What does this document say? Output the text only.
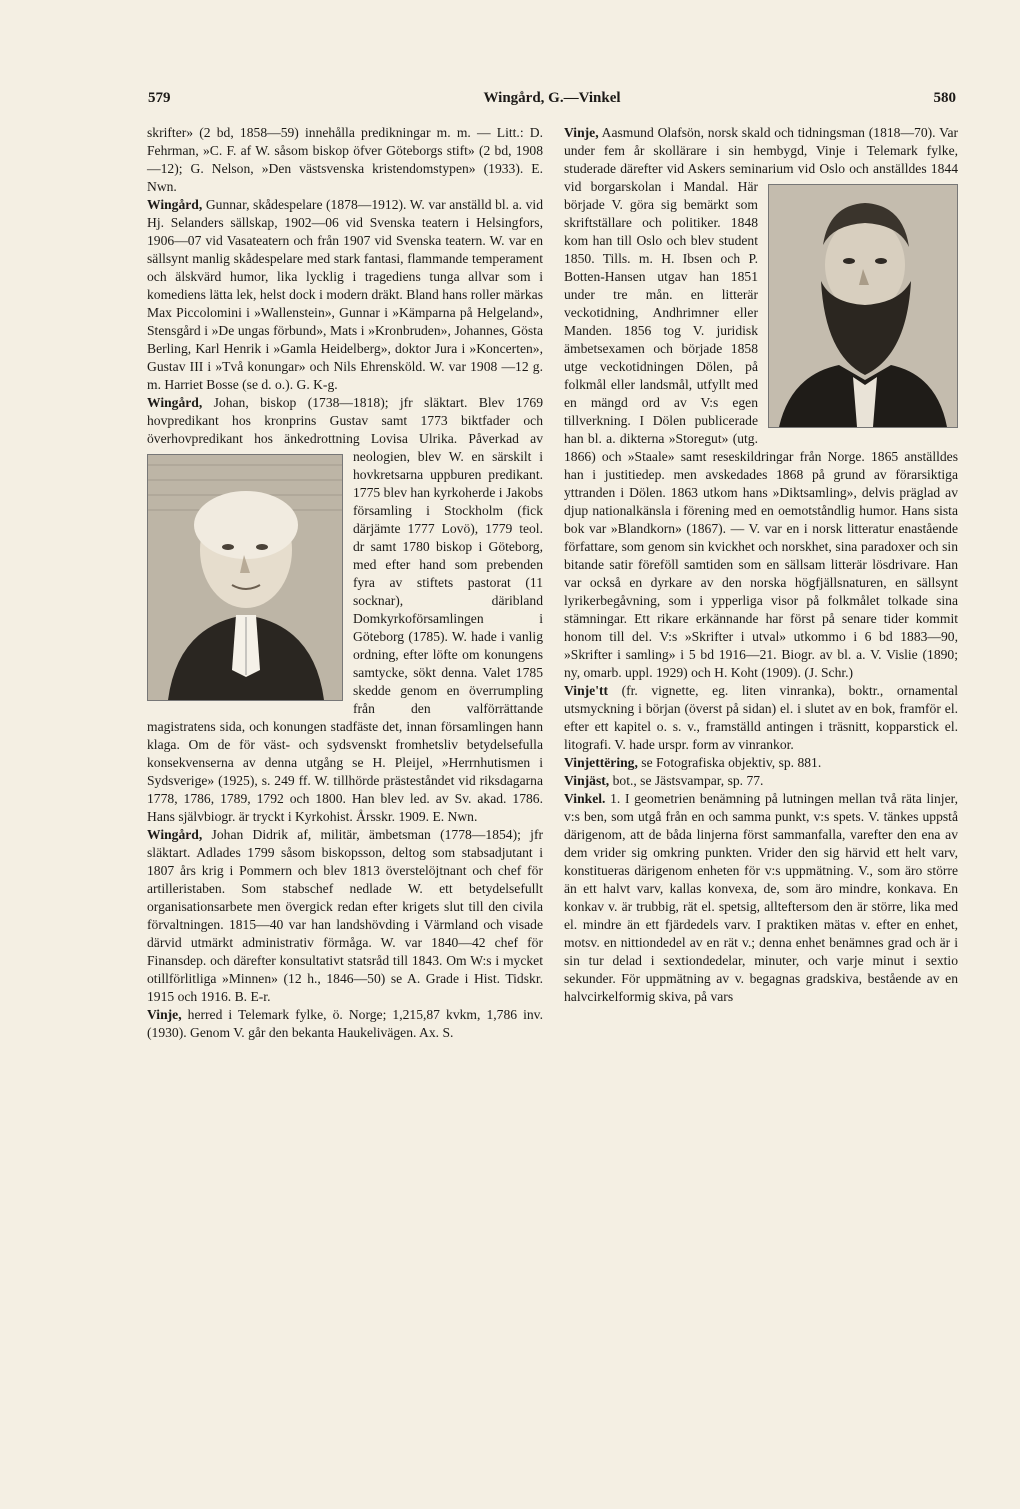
579	Wingård, G.—Vinkel	580

skrifter» (2 bd, 1858—59) innehålla predikningar m. m. — Litt.: D. Fehrman, »C. F. af W. såsom biskop öfver Göteborgs stift» (2 bd, 1908—12); G. Nelson, »Den västsvenska kristendomstypen» (1933). E. Nwn.

Wingård, Gunnar, skådespelare (1878—1912). W. var anställd bl. a. vid Hj. Selanders sällskap, 1902—06 vid Svenska teatern i Helsingfors, 1906—07 vid Vasateatern och från 1907 vid Svenska teatern. W. var en sällsynt manlig skådespelare med stark fantasi, flammande temperament och älskvärd humor, lika lycklig i tragediens tunga allvar som i komediens lätta lek, helst dock i modern dräkt. Bland hans roller märkas Max Piccolomini i »Wallenstein», Gunnar i »Kämparna på Helgeland», Stensgård i »De ungas förbund», Mats i »Kronbruden», Johannes, Gösta Berling, Karl Henrik i »Gamla Heidelberg», doktor Jura i »Koncerten», Gustav III i »Två konungar» och Nils Ehrensköld. W. var 1908 —12 g. m. Harriet Bosse (se d. o.). G. K-g.

Wingård, Johan, biskop (1738—1818); jfr släktart. Blev 1769 hovpredikant hos kronprins Gustav samt 1773 biktfader och överhovpredikant hos änkedrottning Lovisa Ulrika.
Påverkad av neologien, blev W. en särskilt i hovkretsarna uppburen predikant. 1775 blev han kyrkoherde i Jakobs församling i Stockholm (fick därjämte 1777 Lovö), 1779 teol. dr samt 1780 biskop i Göteborg, med efter hand som prebenden fyra av stiftets pastorat (11 socknar), däribland Domkyrkoförsamlingen i Göteborg (1785). W. hade i vanlig ordning, efter löfte om konungens samtycke, sökt denna. Valet 1785 skedde genom en överrumpling från den valförrättande magistratens sida, och konungen stadfäste det, innan församlingen hann klaga. Om de för väst- och sydsvenskt fromhetsliv betydelsefulla konsekvenserna av denna utgång se H. Pleijel, »Herrnhutismen i Sydsverige» (1925), s. 249 ff. W. tillhörde prästeståndet vid riksdagarna 1778, 1786, 1789, 1792 och 1800. Han blev led. av Sv. akad. 1786. Hans självbiogr. är tryckt i Kyrkohist. Årsskr. 1909. E. Nwn.

Wingård, Johan Didrik af, militär, ämbetsman (1778—1854); jfr släktart. Adlades 1799 såsom biskopsson, deltog som stabsadjutant i 1807 års krig i Pommern och blev 1813 överstelöjtnant och chef för artilleristaben. Som stabschef nedlade W. ett betydelsefullt organisationsarbete men övergick redan efter krigets slut till den civila förvaltningen. 1815—40 var han landshövding i Värmland och visade därvid utmärkt administrativ förmåga. W. var 1840—42 chef för Finansdep. och därefter konsultativt statsråd till 1843. Om W:s i mycket otillförlitliga »Minnen» (12 h., 1846—50) se A. Grade i Hist. Tidskr. 1915 och 1916. B. E-r.

Vinje, herred i Telemark fylke, ö. Norge; 1,215,87 kvkm, 1,786 inv. (1930). Genom V. går den bekanta Haukelivägen. Ax. S.

Vinje, Aasmund Olafsön, norsk skald och tidningsman (1818—70). Var under fem år skollärare i sin hembygd, Vinje i Telemark fylke, studerade därefter vid Askers seminarium vid Oslo och
anställdes 1844 vid borgarskolan i Mandal. Här började V. göra sig bemärkt som skriftställare och politiker. 1848 kom han till Oslo och blev student 1850. Tills. m. H. Ibsen och P. Botten-Hansen utgav han 1851 under tre mån. en litterär veckotidning, Andhrimner eller Manden. 1856 tog V. juridisk ämbetsexamen och började 1858 utge veckotidningen Dölen, på folkmål eller landsmål, utfyllt med en mängd ord av V:s egen tillverkning. I Dölen publicerade han bl. a. dikterna »Storegut» (utg. 1866) och »Staale» samt reseskildringar från Norge. 1865 anställdes han i justitiedep. men avskedades 1868 på grund av förarsiktiga yttranden i Dölen. 1863 utkom hans »Diktsamling», delvis präglad av djup nationalkänsla i förening med en oemotståndlig humor. Hans sista bok var »Blandkorn» (1867). — V. var en i norsk litteratur enastående författare, som genom sin kvickhet och norskhet, sina paradoxer och sin bitande satir föreföll samtiden som en sällsam litterär lösdrivare. Han var också en dyrkare av den norska högfjällsnaturen, en sällsynt lyrikerbegåvning, som i ypperliga visor på folkmålet tolkade sina stämningar. Ett rikare erkännande har först på senare tider kommit honom till del. V:s »Skrifter i utval» utkommo i 6 bd 1883—90, »Skrifter i samling» i 5 bd 1916—21. Biogr. av bl. a. V. Vislie (1890; ny, omarb. uppl. 1929) och H. Koht (1909). (J. Schr.)

Vinje'tt (fr. vignette, eg. liten vinranka), boktr., ornamental utsmyckning i början (överst på sidan) el. i slutet av en bok, framför el. efter ett kapitel o. s. v., framställd antingen i träsnitt, kopparstick el. litografi. V. hade urspr. form av vinrankor.

Vinjettëring, se Fotografiska objektiv, sp. 881.

Vinjäst, bot., se Jästsvampar, sp. 77.

Vinkel. 1. I geometrien benämning på lutningen mellan två räta linjer, v:s ben, som utgå från en och samma punkt, v:s spets. V. tänkes uppstå därigenom, att de båda linjerna först sammanfalla, varefter den ena av dem vrider sig omkring punkten. Vrider den sig härvid ett helt varv, konstitueras därigenom enheten för v:s uppmätning. V., som äro större än ett halvt varv, kallas konvexa, de, som äro mindre, konkava. En konkav v. är trubbig, rät el. spetsig, allteftersom den är större, lika med el. mindre än ett fjärdedels varv. I praktiken mätas v. efter en enhet, motsv. en nittiondedel av en rät v.; denna enhet benämnes grad och är i sin tur delad i sextiondedelar, minuter, och varje minut i sextio sekunder. För uppmätning av v. begagnas gradskiva, bestående av en halvcirkelformig skiva, på vars
